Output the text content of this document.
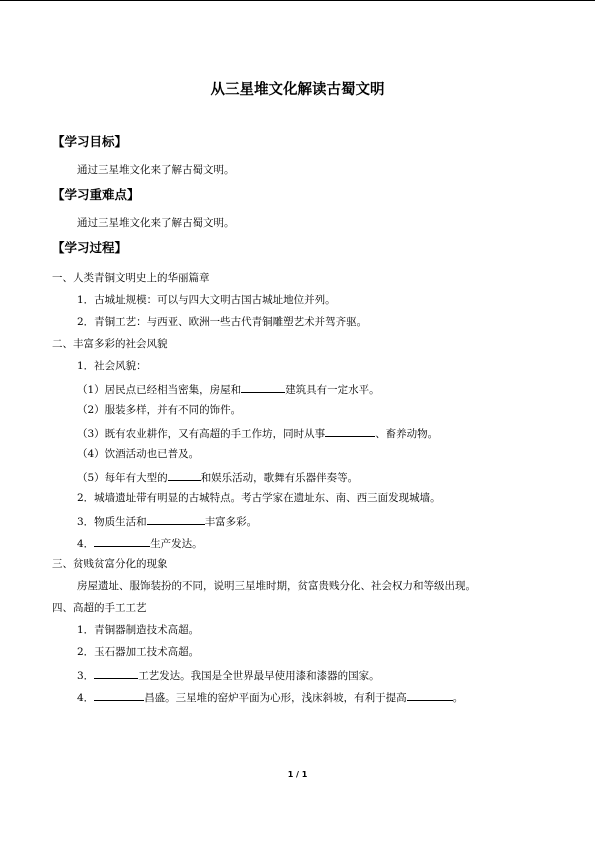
从三星堆文化解读古蜀文明
【学习目标】
通过三星堆文化来了解古蜀文明。
【学习重难点】
通过三星堆文化来了解古蜀文明。
【学习过程】
一、人类青铜文明史上的华丽篇章
1．古城址规模：可以与四大文明古国古城址地位并列。
2．青铜工艺：与西亚、欧洲一些古代青铜雕塑艺术并驾齐驱。
二、丰富多彩的社会风貌
1．社会风貌：
（1）居民点已经相当密集，房屋和	建筑具有一定水平。
（2）服装多样，并有不同的饰件。
（3）既有农业耕作，又有高超的手工作坊，同时从事	、畜养动物。
（4）饮酒活动也已普及。
（5）每年有大型的	和娱乐活动，歌舞有乐器伴奏等。
2．城墙遗址带有明显的古城特点。考古学家在遗址东、南、西三面发现城墙。
3．物质生活和	丰富多彩。
4．	生产发达。
三、贫贱贫富分化的现象
房屋遗址、服饰装扮的不同，说明三星堆时期，贫富贵贱分化、社会权力和等级出现。
四、高超的手工工艺
1．青铜器制造技术高超。
2．玉石器加工技术高超。
3．	工艺发达。我国是全世界最早使用漆和漆器的国家。
4．	昌盛。三星堆的窑炉平面为心形，浅床斜坡，有利于提高	。
1 / 1
